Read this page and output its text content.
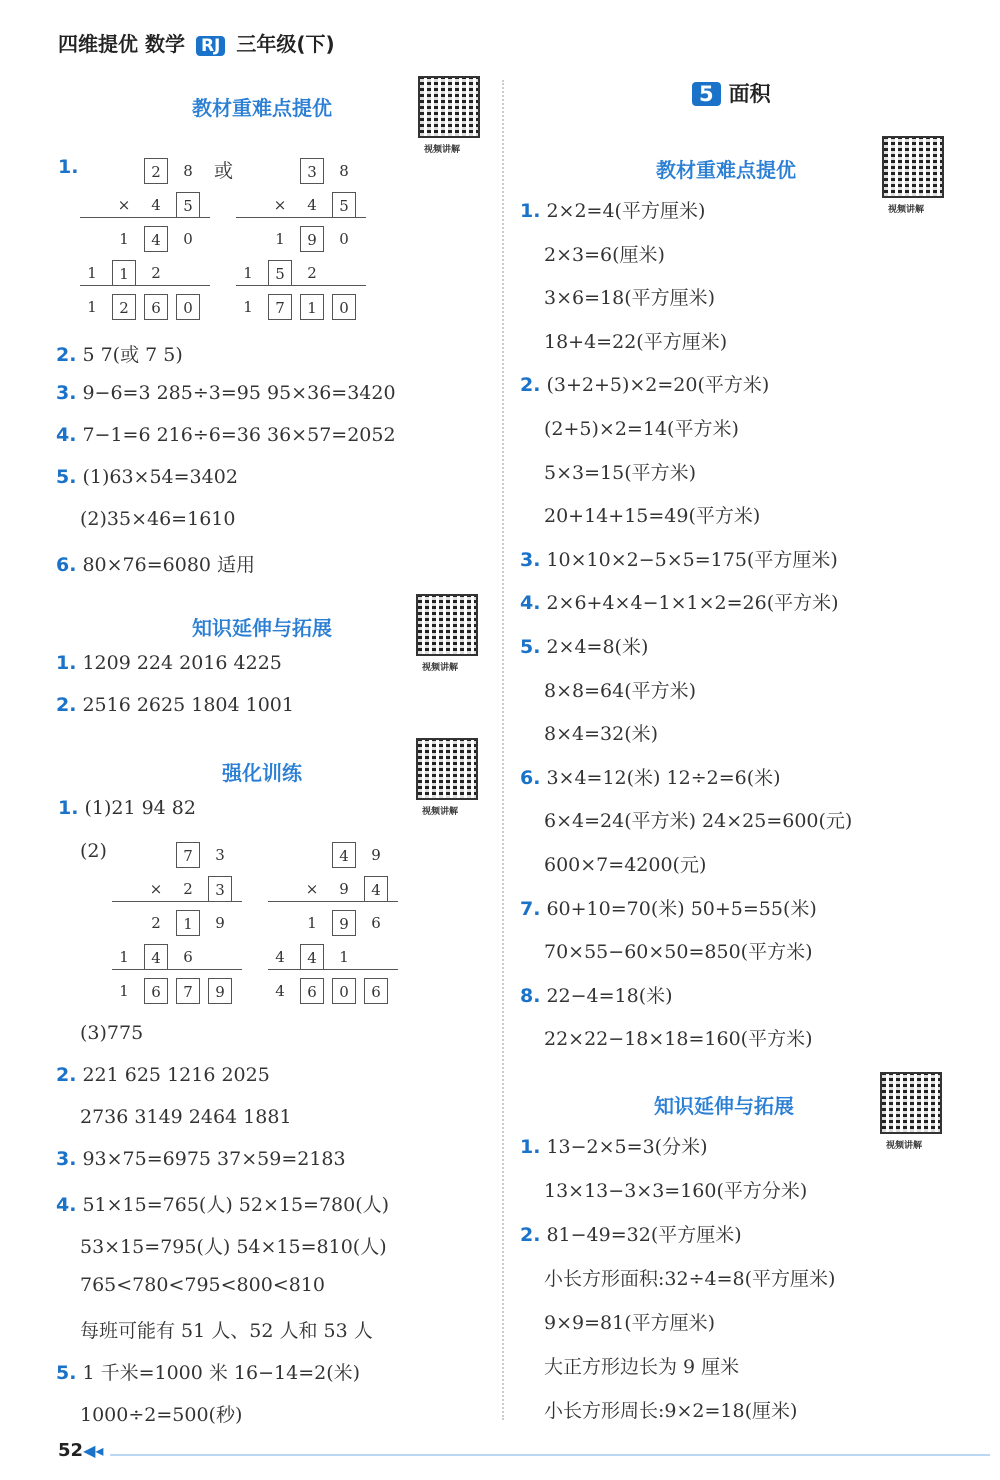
四维提优 数学 RJ 三年级(下)
教材重难点提优
视频讲解
1.	或
2	8
×	4	5
1	4	0
1	1	2
1	2	6	0
3	8
×	4	5
1	9	0
1	5	2
1	7	1	0
2. 5 7(或 7 5)
3. 9−6=3 285÷3=95 95×36=3420
4. 7−1=6 216÷6=36 36×57=2052
5. (1)63×54=3402
(2)35×46=1610
6. 80×76=6080 适用
知识延伸与拓展
视频讲解
1. 1209 224 2016 4225
2. 2516 2625 1804 1001
强化训练
视频讲解
1. (1)21 94 82
(2)	7	3
×	2	3
2	1	9
1	4	6
1	6	7	9
4	9
×	9	4
1	9	6
4	4	1
4	6	0	6
(3)775
2. 221 625 1216 2025
2736 3149 2464 1881
3. 93×75=6975 37×59=2183
4. 51×15=765(人) 52×15=780(人)
53×15=795(人) 54×15=810(人)
765<780<795<800<810
每班可能有 51 人、52 人和 53 人
5. 1 千米=1000 米 16−14=2(米)
1000÷2=500(秒)
5 面积
教材重难点提优
视频讲解
1. 2×2=4(平方厘米)
2×3=6(厘米)
3×6=18(平方厘米)
18+4=22(平方厘米)
2. (3+2+5)×2=20(平方米)
(2+5)×2=14(平方米)
5×3=15(平方米)
20+14+15=49(平方米)
3. 10×10×2−5×5=175(平方厘米)
4. 2×6+4×4−1×1×2=26(平方米)
5. 2×4=8(米)
8×8=64(平方米)
8×4=32(米)
6. 3×4=12(米) 12÷2=6(米)
6×4=24(平方米) 24×25=600(元)
600×7=4200(元)
7. 60+10=70(米) 50+5=55(米)
70×55−60×50=850(平方米)
8. 22−4=18(米)
22×22−18×18=160(平方米)
知识延伸与拓展
视频讲解
1. 13−2×5=3(分米)
13×13−3×3=160(平方分米)
2. 81−49=32(平方厘米)
小长方形面积:32÷4=8(平方厘米)
9×9=81(平方厘米)
大正方形边长为 9 厘米
小长方形周长:9×2=18(厘米)
52◀◂
